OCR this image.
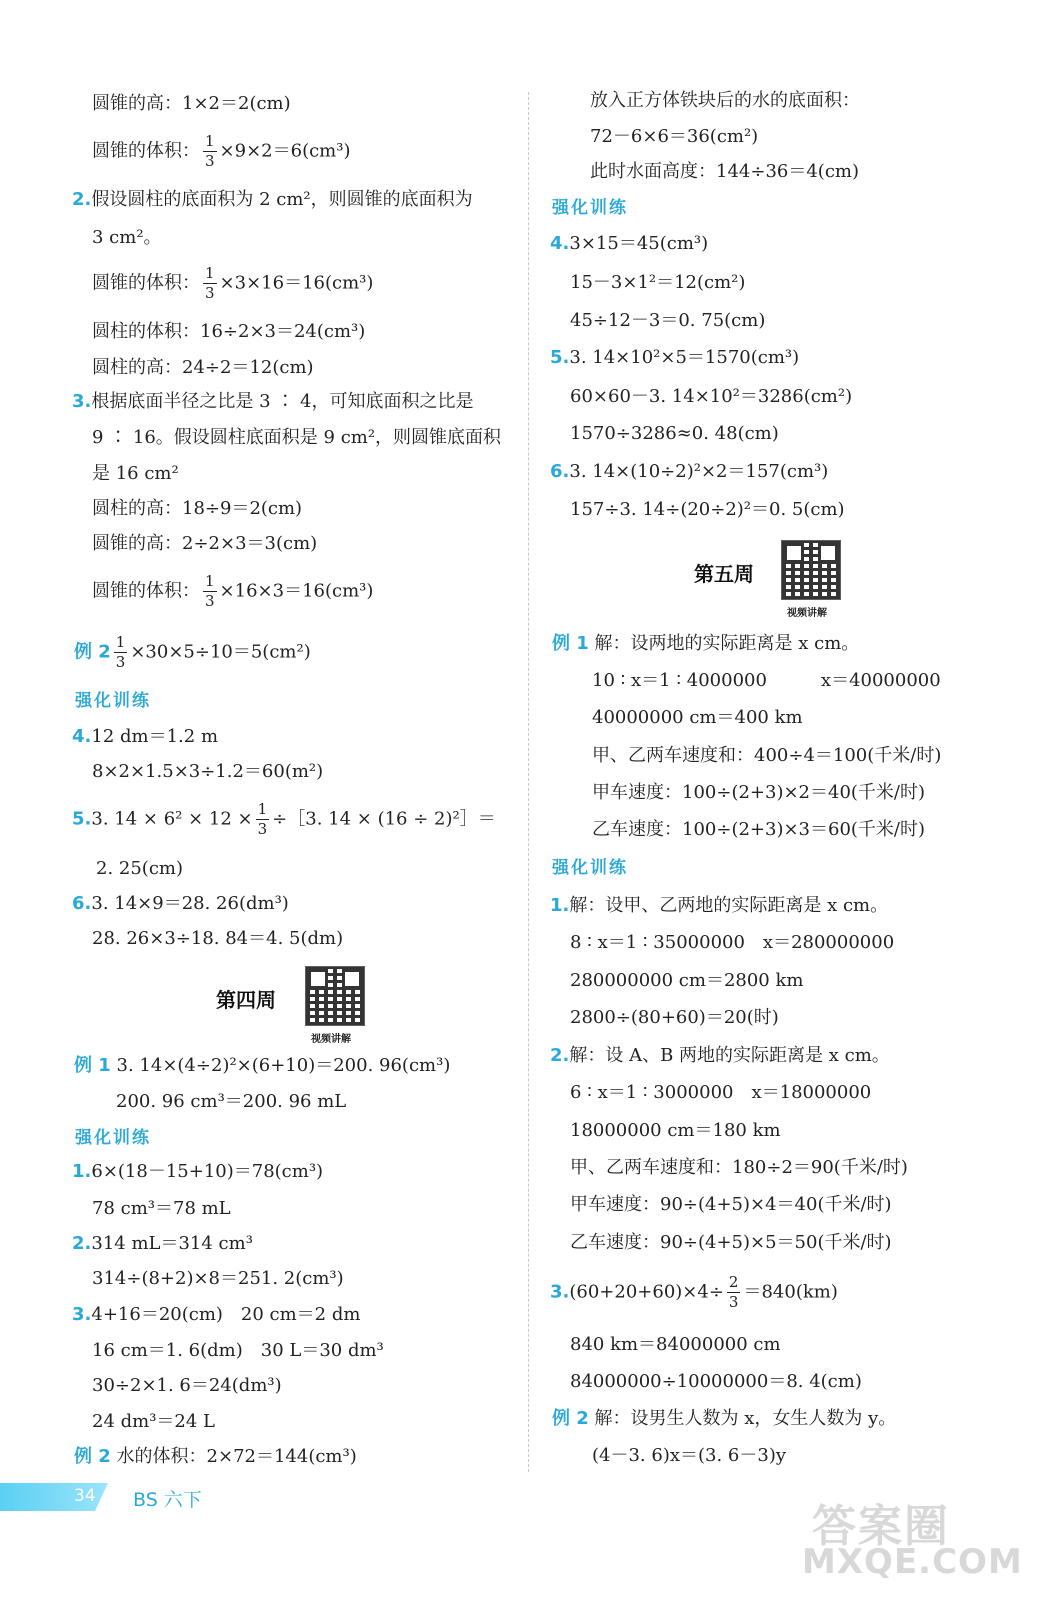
圆锥的高：1×2＝2(cm)
圆锥的体积： $\frac{1}{3} \times 9\times 2=6(cm^3)$
2.假设圆柱的底面积为 2 cm²，则圆锥的底面积为
3 cm²。
圆锥的体积： $\frac{1}{3} \times 3\times 16=16(cm^3)$
圆柱的体积：16÷2×3＝24(cm³)
圆柱的高：24÷2＝12(cm)
3.根据底面半径之比是 3 ∶ 4，可知底面积之比是
9 ∶ 16。假设圆柱底面积是 9 cm²，则圆锥底面积
是 16 cm²
圆柱的高：18÷9＝2(cm)
圆锥的高：2÷2×3＝3(cm)
圆锥的体积： $\frac{1}{3} \times 16\times 3=16(cm^3)$
例 $2 \frac{1}{3} \times 30\times 5\div 10=5(cm^2)$
强化训练
4.12 dm＝1.2 m
8×2×1.5×3÷1.2＝60(m²)
5.3. $14 \times 6^2 \times 12 \times \frac{1}{3}$ ÷［3. 14 × (16 ÷ 2)²］＝
2. 25(cm)
6.3. 14×9＝28. 26(dm³)
28. 26×3÷18. 84＝4. 5(dm)
第四周
视频讲解
例 1 3. 14×(4÷2)²×(6+10)＝200. 96(cm³)
200. 96 cm³＝200. 96 mL
强化训练
1.6×(18－15+10)＝78(cm³)
78 cm³＝78 mL
2.314 mL＝314 cm³
314÷(8+2)×8＝251. 2(cm³)
3.4+16＝20(cm)　20 cm＝2 dm
16 cm＝1. 6(dm)　30 L＝30 dm³
30÷2×1. 6＝24(dm³)
24 dm³＝24 L
例 2 水的体积：2×72＝144(cm³)
放入正方体铁块后的水的底面积：
72－6×6＝36(cm²)
此时水面高度：144÷36＝4(cm)
强化训练
4.3×15＝45(cm³)
15－3×1²＝12(cm²)
45÷12－3＝0. 75(cm)
5.3. 14×10²×5＝1570(cm³)
60×60－3. 14×10²＝3286(cm²)
1570÷3286≈0. 48(cm)
6.3. 14×(10÷2)²×2＝157(cm³)
157÷3. 14÷(20÷2)²＝0. 5(cm)
第五周
视频讲解
例 1 解：设两地的实际距离是 x cm。
10 ∶ x＝1 ∶ 4000000　　　x＝40000000
40000000 cm＝400 km
甲、乙两车速度和：400÷4＝100(千米/时)
甲车速度：100÷(2+3)×2＝40(千米/时)
乙车速度：100÷(2+3)×3＝60(千米/时)
强化训练
1.解：设甲、乙两地的实际距离是 x cm。
8 ∶ x＝1 ∶ 35000000　x＝280000000
280000000 cm＝2800 km
2800÷(80+60)＝20(时)
2.解：设 A、B 两地的实际距离是 x cm。
6 ∶ x＝1 ∶ 3000000　x＝18000000
18000000 cm＝180 km
甲、乙两车速度和：180÷2＝90(千米/时)
甲车速度：90÷(4+5)×4＝40(千米/时)
乙车速度：90÷(4+5)×5＝50(千米/时)
$3.(60+20+60)\times 4\div \frac{2}{3} =840(km)$
840 km＝84000000 cm
84000000÷10000000＝8. 4(cm)
例 2 解：设男生人数为 x，女生人数为 y。
(4－3. 6)x＝(3. 6－3)y
34 BS 六下
答案圈
MXQE.COM
